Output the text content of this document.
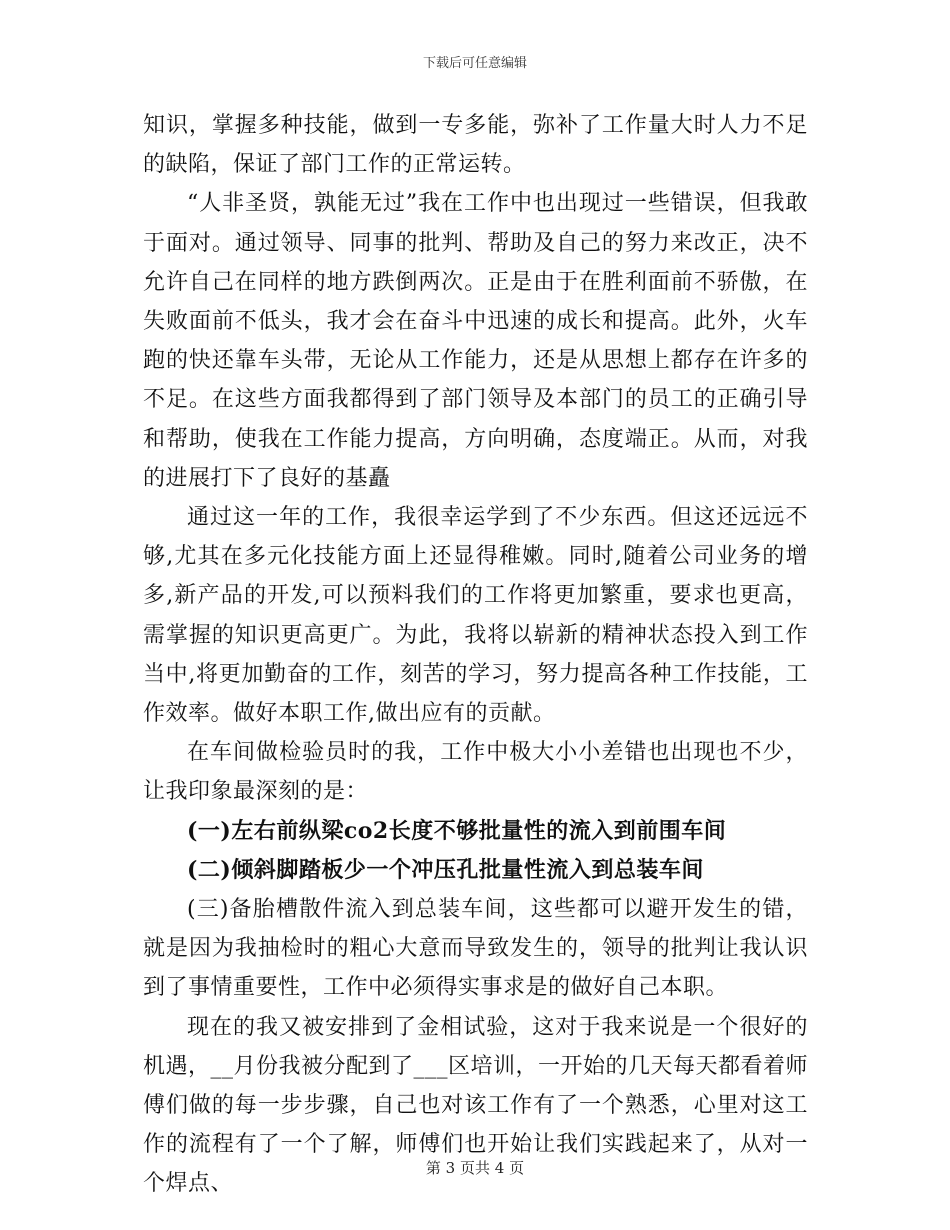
下载后可任意编辑

知识，掌握多种技能，做到一专多能，弥补了工作量大时人力不足的缺陷，保证了部门工作的正常运转。

“人非圣贤，孰能无过”我在工作中也出现过一些错误，但我敢于面对。通过领导、同事的批判、帮助及自己的努力来改正，决不允许自己在同样的地方跌倒两次。正是由于在胜利面前不骄傲，在失败面前不低头，我才会在奋斗中迅速的成长和提高。此外，火车跑的快还靠车头带，无论从工作能力，还是从思想上都存在许多的不足。在这些方面我都得到了部门领导及本部门的员工的正确引导和帮助，使我在工作能力提高，方向明确，态度端正。从而，对我的进展打下了良好的基矗

通过这一年的工作，我很幸运学到了不少东西。但这还远远不够,尤其在多元化技能方面上还显得稚嫩。同时,随着公司业务的增多,新产品的开发,可以预料我们的工作将更加繁重，要求也更高，需掌握的知识更高更广。为此，我将以崭新的精神状态投入到工作当中,将更加勤奋的工作，刻苦的学习，努力提高各种工作技能，工作效率。做好本职工作,做出应有的贡献。

在车间做检验员时的我，工作中极大小小差错也出现也不少，让我印象最深刻的是：

(一)左右前纵梁co2长度不够批量性的流入到前围车间

(二)倾斜脚踏板少一个冲压孔批量性流入到总装车间

(三)备胎槽散件流入到总装车间，这些都可以避开发生的错，就是因为我抽检时的粗心大意而导致发生的，领导的批判让我认识到了事情重要性，工作中必须得实事求是的做好自己本职。

现在的我又被安排到了金相试验，这对于我来说是一个很好的机遇，__月份我被分配到了___区培训，一开始的几天每天都看着师傅们做的每一步步骤，自己也对该工作有了一个熟悉，心里对这工作的流程有了一个了解，师傅们也开始让我们实践起来了，从对一个焊点、

第 3 页共 4 页
